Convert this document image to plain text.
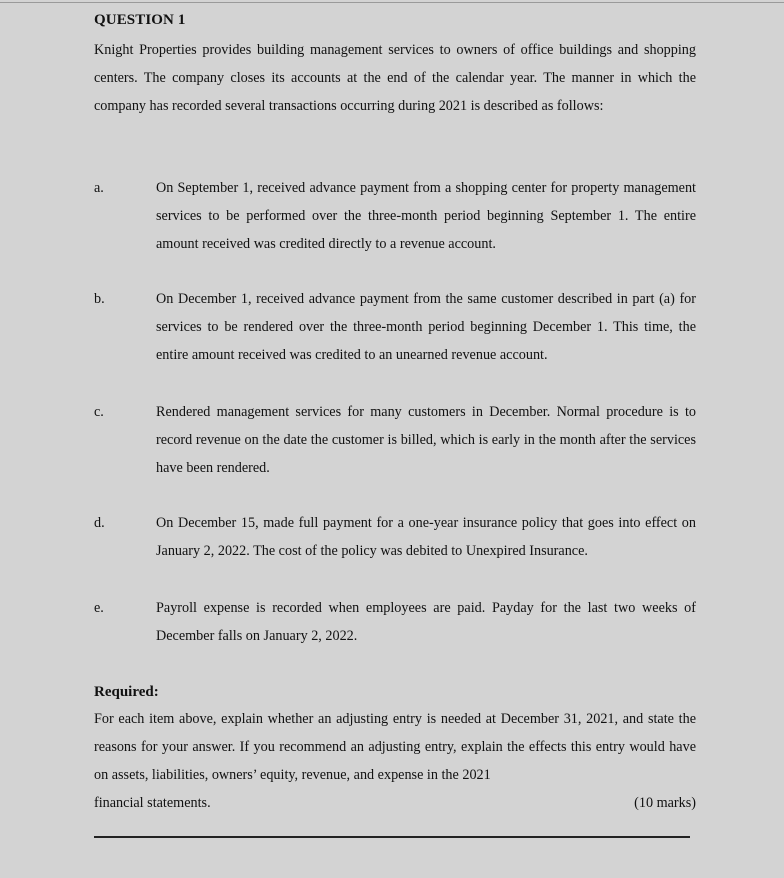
QUESTION 1
Knight Properties provides building management services to owners of office buildings and shopping centers. The company closes its accounts at the end of the calendar year. The manner in which the company has recorded several transactions occurring during 2021 is described as follows:
a.	On September 1, received advance payment from a shopping center for property management services to be performed over the three-month period beginning September 1. The entire amount received was credited directly to a revenue account.
b.	On December 1, received advance payment from the same customer described in part (a) for services to be rendered over the three-month period beginning December 1. This time, the entire amount received was credited to an unearned revenue account.
c.	Rendered management services for many customers in December. Normal procedure is to record revenue on the date the customer is billed, which is early in the month after the services have been rendered.
d.	On December 15, made full payment for a one-year insurance policy that goes into effect on January 2, 2022. The cost of the policy was debited to Unexpired Insurance.
e.	Payroll expense is recorded when employees are paid. Payday for the last two weeks of December falls on January 2, 2022.
Required:
For each item above, explain whether an adjusting entry is needed at December 31, 2021, and state the reasons for your answer. If you recommend an adjusting entry, explain the effects this entry would have on assets, liabilities, owners’ equity, revenue, and expense in the 2021
financial statements.	(10 marks)
